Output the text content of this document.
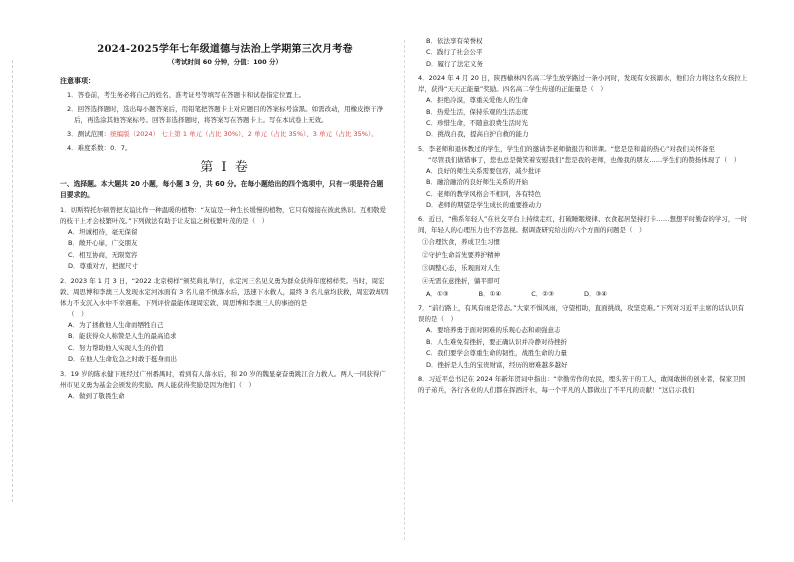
2024-2025学年七年级道德与法治上学期第三次月考卷
（考试时间 60 分钟，分值：100 分）
注意事项：
1．答卷前，考生务必将自己的姓名、准考证号等填写在答题卡和试卷指定位置上。
2．回答选择题时，选出每小题答案后，用铅笔把答题卡上对应题目的答案标号涂黑。如需改动，用橡皮擦干净后，再选涂其他答案标号。回答非选择题时，将答案写在答题卡上。写在本试卷上无效。
3．测试范围：统编版（2024） 七上第 1 单元（占比 30%）、2 单元（占比 35%）、3 单元（占比 35%）。
4．难度系数：0．7。
第 I 卷
一、选择题。本大题共 20 小题，每小题 3 分，共 60 分。在每小题给出的四个选项中，只有一项是符合题目要求的。
1．切斯特托尔顿曾把友谊比作一种温暖的植物：“友谊是一种生长缓慢的植物，它只有嫁接在彼此熟识、互相敬爱的枝干上才会枝繁叶茂。”下列做法有助于让友谊之树枝繁叶茂的是（　）
A．坦诚相待，毫无保留
B．敞开心扉，广交朋友
C．相互协商，无限宽容
D．尊重对方，把握尺寸
2．2023 年 1 月 3 日，“2022 北京榜样”颁奖典礼举行，永定河三名见义勇为群众获得年度榜样奖。当时，周宏敦、周思博和李澳三人发现永定河冰面有 3 名儿童不慎落水后，迅速下水救人，最终 3 名儿童均获救，周宏敦却因体力不支沉入水中不幸遇难。下列评价最能体现周宏敦、周思博和李澳三人的事迹的是
（　）
A．为了拯救他人生命而牺牲自己
B．能获得众人称赞是人生的最高追求
C．努力帮助他人实现人生的价值
D．在他人生命危急之时敢于挺身而出
3．19 岁的陈永健下班经过广州番禺时，看到有人落水后，和 20 岁的魏显豪奋勇跳江合力救人。两人一同获得广州市见义勇为基金会颁发的奖励。两人能获得奖励是因为他们（　）
A．做到了敬畏生命
B．依法享有荣誉权
C．践行了社会公平
D．履行了法定义务
4．2024 年 4 月 20 日，陕西榆林四名高二学生放学路过一条小河时，发现有女孩溺水，他们合力将这名女孩拉上岸，获得“天天正能量”奖励。四名高二学生传递的正能量是（　）
A．拒绝冷漠，尊重关爱他人的生命
B．热爱生活，保持乐观的生活态度
C．珍惜生命，不随意浪费生活时光
D．挑战自我，提高自护自救的能力
5．李老师和退休教过的学生，学生们的邀请李老师做报告和讲课。“您是是和蔼的热心”对我们关怀备至
“尽管我们做错事了，您也总是微笑着安慰我们”您是我的老师，也像我的朋友……学生们的赞扬体现了（　）
A．良好的师生关系需要包容，减少批评
B．融洽融洽的良好师生关系的开始
C．老师的教学风格会不相同，各有特色
D．老师的期望是学生成长的重要推动力
6．近日，“佛系年轻人”在社交平台上持续走红，打破睡眠规律、衣食起居坚持打卡……想想平时勤奋的学习，一时间，年轻人的心理压力也不容忽视。据调查研究给出的六个方面的问题是（　）
①合理饮食，养成卫生习惯
②守护生命首先要养护精神
③调整心态，乐观面对人生
④无需在意挫折，躺平即可
A．①③	B．①④	C．②③	D．③④
7．“前行路上，有风有雨是常态。”大家不惧风雨，守望相助，直面挑战，攻坚克难。”下列对习近平主席的话认识有误的是（　）
A．要培养勇于面对困难的乐观心态和顽强意志
B．人生难免有挫折，要正确认识并冷静对待挫折
C．我们要学会尊重生命的韧性，战胜生命的力量
D．挫折是人生的宝贵财富，经历的磨难越多越好
8．习近平总书记在 2024 年新年贺词中指出：“幸勤劳作的农民，埋头苦干的工人，敢闯敢拼的创业者，保家卫国的子弟兵，各行各业的人们都在挥洒汗水，每一个平凡的人都做出了不平凡的贡献！”这启示我们
